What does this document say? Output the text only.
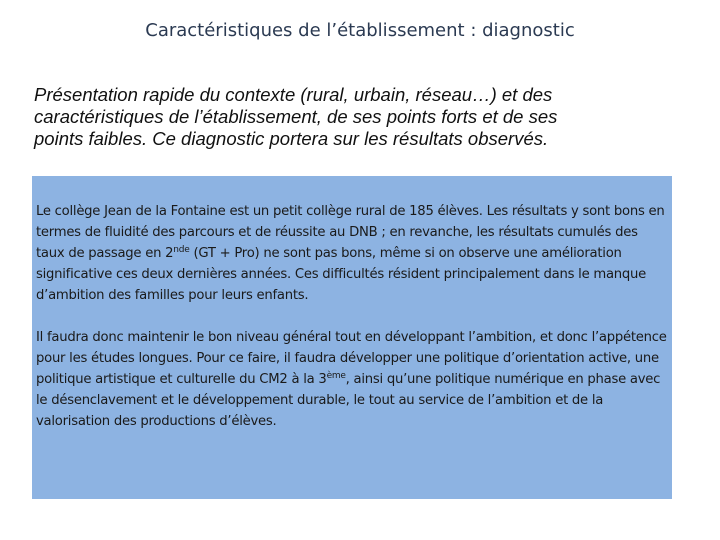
Caractéristiques de l’établissement : diagnostic
Présentation rapide du contexte (rural, urbain, réseau…) et des
caractéristiques de l’établissement, de ses points forts et de ses
points faibles. Ce diagnostic portera sur les résultats observés.

Le collège Jean de la Fontaine est un petit collège rural de 185 élèves. Les résultats y sont bons en termes de fluidité des parcours et de réussite au DNB ; en revanche, les résultats cumulés des taux de passage en 2nde (GT + Pro) ne sont pas bons, même si on observe une amélioration significative ces deux dernières années. Ces difficultés résident principalement dans le manque d’ambition des familles pour leurs enfants.

Il faudra donc maintenir le bon niveau général tout en développant l’ambition, et donc l’appétence pour les études longues. Pour ce faire, il faudra développer une politique d’orientation active, une politique artistique et culturelle du CM2 à la 3ème, ainsi qu’une politique numérique en phase avec le désenclavement et le développement durable, le tout au service de l’ambition et de la valorisation des productions d’élèves.
